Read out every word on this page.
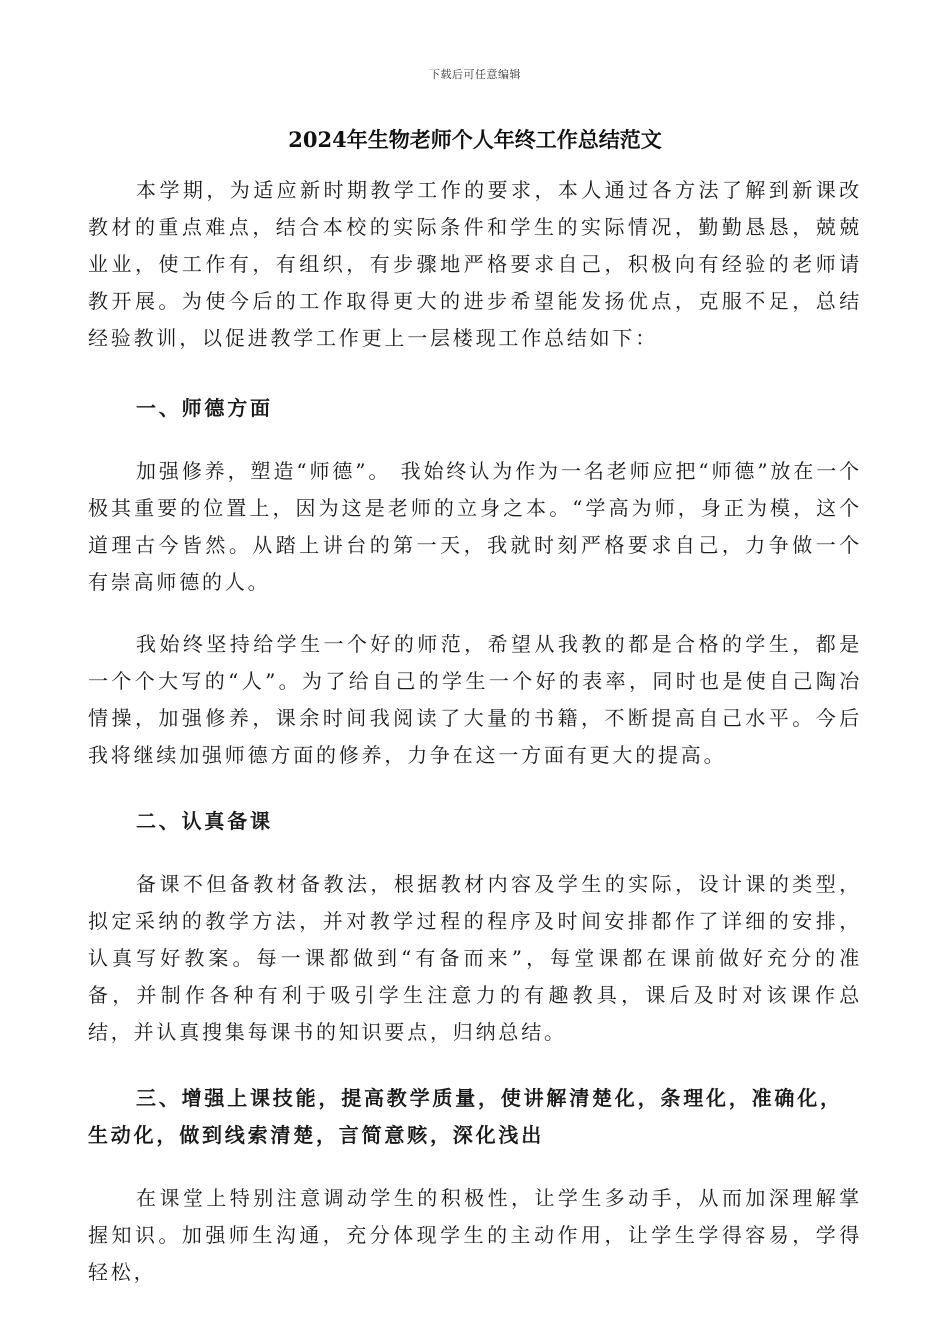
下载后可任意编辑
2024年生物老师个人年终工作总结范文

本学期，为适应新时期教学工作的要求，本人通过各方法了解到新课改教材的重点难点，结合本校的实际条件和学生的实际情况，勤勤恳恳，兢兢业业，使工作有，有组织，有步骤地严格要求自己，积极向有经验的老师请教开展。为使今后的工作取得更大的进步希望能发扬优点，克服不足，总结经验教训，以促进教学工作更上一层楼现工作总结如下：

一、师德方面

加强修养，塑造“师德”。 我始终认为作为一名老师应把“师德”放在一个极其重要的位置上，因为这是老师的立身之本。“学高为师，身正为模，这个道理古今皆然。从踏上讲台的第一天，我就时刻严格要求自己，力争做一个有崇高师德的人。

我始终坚持给学生一个好的师范，希望从我教的都是合格的学生，都是一个个大写的“人”。为了给自己的学生一个好的表率，同时也是使自己陶冶情操，加强修养，课余时间我阅读了大量的书籍，不断提高自己水平。今后我将继续加强师德方面的修养，力争在这一方面有更大的提高。

二、认真备课

备课不但备教材备教法，根据教材内容及学生的实际，设计课的类型，拟定采纳的教学方法，并对教学过程的程序及时间安排都作了详细的安排，认真写好教案。每一课都做到“有备而来”，每堂课都在课前做好充分的准备，并制作各种有利于吸引学生注意力的有趣教具，课后及时对该课作总结，并认真搜集每课书的知识要点，归纳总结。

三、增强上课技能，提高教学质量，使讲解清楚化，条理化，准确化，生动化，做到线索清楚，言简意赅，深化浅出

在课堂上特别注意调动学生的积极性，让学生多动手，从而加深理解掌握知识。加强师生沟通，充分体现学生的主动作用，让学生学得容易，学得轻松，
